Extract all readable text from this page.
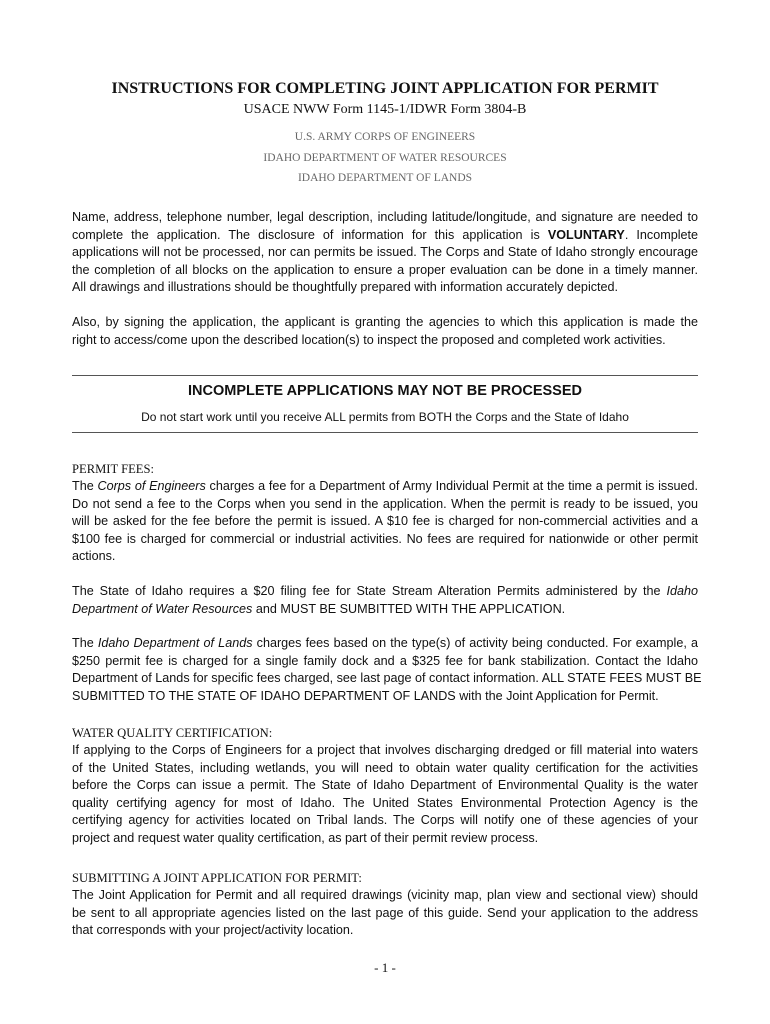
INSTRUCTIONS FOR COMPLETING JOINT APPLICATION FOR PERMIT
USACE NWW Form 1145-1/IDWR Form 3804-B
U.S. ARMY CORPS OF ENGINEERS
IDAHO DEPARTMENT OF WATER RESOURCES
IDAHO DEPARTMENT OF LANDS
Name, address, telephone number, legal description, including latitude/longitude, and signature are needed to
complete the application. The disclosure of information for this application is VOLUNTARY. Incomplete
applications will not be processed, nor can permits be issued. The Corps and State of Idaho strongly encourage
the completion of all blocks on the application to ensure a proper evaluation can be done in a timely manner.
All drawings and illustrations should be thoughtfully prepared with information accurately depicted.
Also, by signing the application, the applicant is granting the agencies to which this application is made the
right to access/come upon the described location(s) to inspect the proposed and completed work activities.
INCOMPLETE APPLICATIONS MAY NOT BE PROCESSED
Do not start work until you receive ALL permits from BOTH the Corps and the State of Idaho
PERMIT FEES:
The Corps of Engineers charges a fee for a Department of Army Individual Permit at the time a permit is issued.
Do not send a fee to the Corps when you send in the application. When the permit is ready to be issued, you
will be asked for the fee before the permit is issued. A $10 fee is charged for non-commercial activities and a
$100 fee is charged for commercial or industrial activities. No fees are required for nationwide or other permit
actions.
The State of Idaho requires a $20 filing fee for State Stream Alteration Permits administered by the Idaho
Department of Water Resources and MUST BE SUMBITTED WITH THE APPLICATION.
The Idaho Department of Lands charges fees based on the type(s) of activity being conducted. For example, a
$250 permit fee is charged for a single family dock and a $325 fee for bank stabilization. Contact the Idaho
Department of Lands for specific fees charged, see last page of contact information. ALL STATE FEES MUST BE
SUBMITTED TO THE STATE OF IDAHO DEPARTMENT OF LANDS with the Joint Application for Permit.
WATER QUALITY CERTIFICATION:
If applying to the Corps of Engineers for a project that involves discharging dredged or fill material into waters
of the United States, including wetlands, you will need to obtain water quality certification for the activities
before the Corps can issue a permit. The State of Idaho Department of Environmental Quality is the water
quality certifying agency for most of Idaho. The United States Environmental Protection Agency is the
certifying agency for activities located on Tribal lands. The Corps will notify one of these agencies of your
project and request water quality certification, as part of their permit review process.
SUBMITTING A JOINT APPLICATION FOR PERMIT:
The Joint Application for Permit and all required drawings (vicinity map, plan view and sectional view) should
be sent to all appropriate agencies listed on the last page of this guide. Send your application to the address
that corresponds with your project/activity location.
- 1 -
